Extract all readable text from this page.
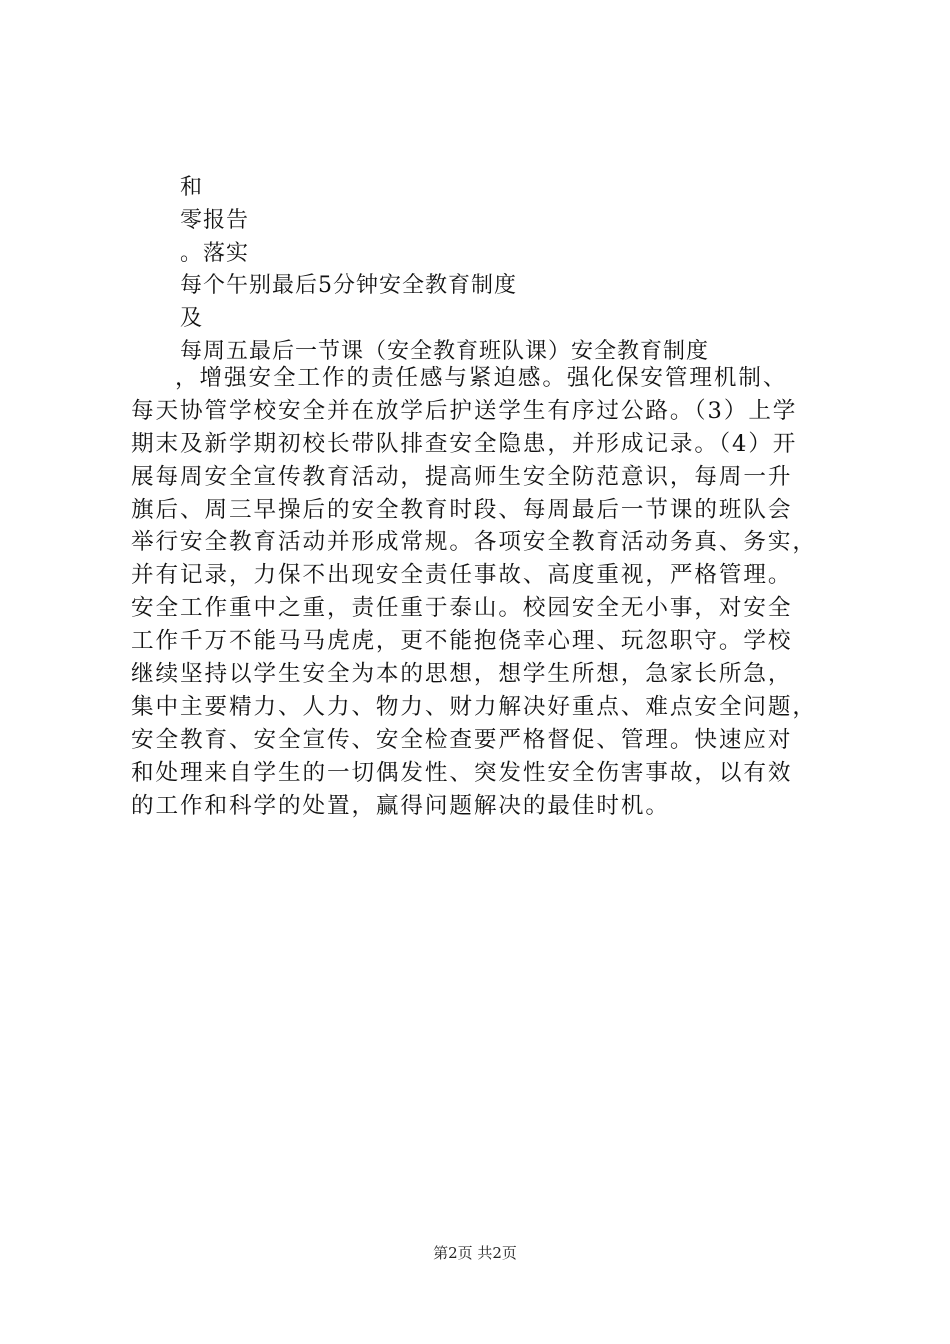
和
零报告
。落实
每个午别最后5分钟安全教育制度
及
每周五最后一节课（安全教育班队课）安全教育制度
，增强安全工作的责任感与紧迫感。强化保安管理机制、
每天协管学校安全并在放学后护送学生有序过公路。（3）上学
期末及新学期初校长带队排查安全隐患，并形成记录。（4）开
展每周安全宣传教育活动，提高师生安全防范意识，每周一升
旗后、周三早操后的安全教育时段、每周最后一节课的班队会
举行安全教育活动并形成常规。各项安全教育活动务真、务实，
并有记录，力保不出现安全责任事故、高度重视，严格管理。
安全工作重中之重，责任重于泰山。校园安全无小事，对安全
工作千万不能马马虎虎，更不能抱侥幸心理、玩忽职守。学校
继续坚持以学生安全为本的思想，想学生所想，急家长所急，
集中主要精力、人力、物力、财力解决好重点、难点安全问题，
安全教育、安全宣传、安全检查要严格督促、管理。快速应对
和处理来自学生的一切偶发性、突发性安全伤害事故，以有效
的工作和科学的处置，赢得问题解决的最佳时机。
第2页 共2页
